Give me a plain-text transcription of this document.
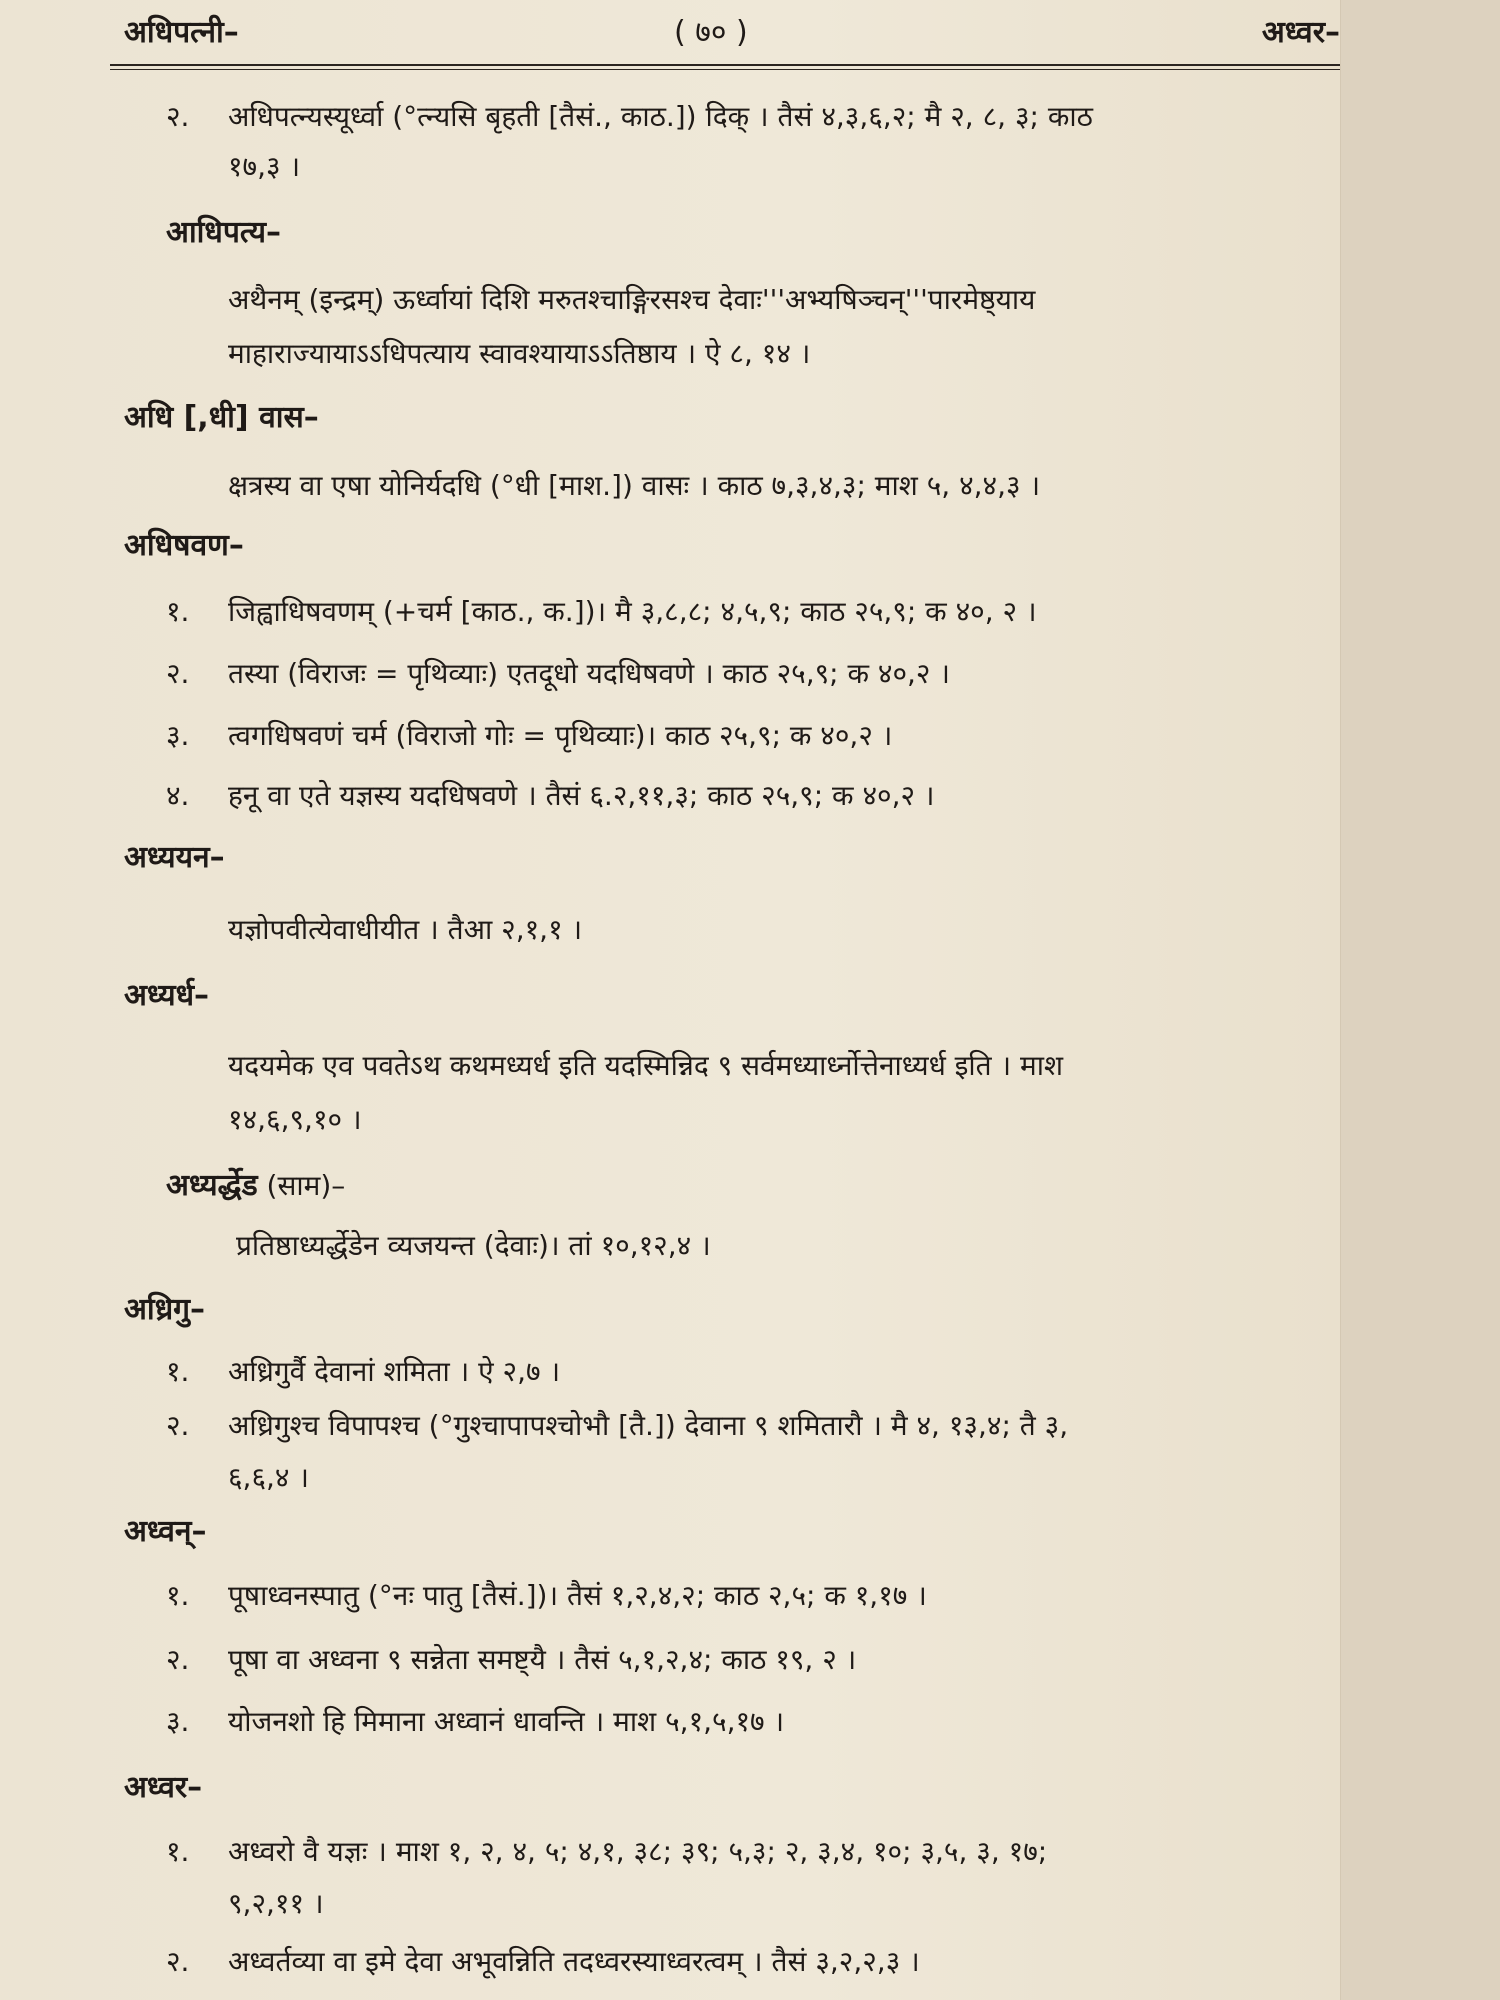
अधिपत्नी–	( ७० )	अध्वर–
२. अधिपत्न्यस्यूर्ध्वा (°त्न्यसि बृहती [तैसं., काठ.]) दिक् । तैसं ४,३,६,२; मै २, ८, ३; काठ
१७,३ ।
आधिपत्य–
अथैनम् (इन्द्रम्) ऊर्ध्वायां दिशि मरुतश्चाङ्गिरसश्च देवाः'''अभ्यषिञ्चन्'''पारमेष्ठ्याय
माहाराज्यायाऽऽधिपत्याय स्वावश्यायाऽऽतिष्ठाय । ऐ ८, १४ ।
अधि [,धी] वास–
क्षत्रस्य वा एषा योनिर्यदधि (°धी [माश.]) वासः । काठ ७,३,४,३; माश ५, ४,४,३ ।
अधिषवण–
१. जिह्वाधिषवणम् (+चर्म [काठ., क.])। मै ३,८,८; ४,५,९; काठ २५,९; क ४०, २ ।
२. तस्या (विराजः = पृथिव्याः) एतदूधो यदधिषवणे । काठ २५,९; क ४०,२ ।
३. त्वगधिषवणं चर्म (विराजो गोः = पृथिव्याः)। काठ २५,९; क ४०,२ ।
४. हनू वा एते यज्ञस्य यदधिषवणे । तैसं ६.२,११,३; काठ २५,९; क ४०,२ ।
अध्ययन–
यज्ञोपवीत्येवाधीयीत । तैआ २,१,१ ।
अध्यर्ध–
यदयमेक एव पवतेऽथ कथमध्यर्ध इति यदस्मिन्निद ९ सर्वमध्यार्ध्नोत्तेनाध्यर्ध इति । माश
१४,६,९,१० ।
अध्यर्द्धेड (साम)–
प्रतिष्ठाध्यर्द्धेडेन व्यजयन्त (देवाः)। तां १०,१२,४ ।
अध्रिगु–
१. अध्रिगुर्वै देवानां शमिता । ऐ २,७ ।
२. अध्रिगुश्च विपापश्च (°गुश्चापापश्चोभौ [तै.]) देवाना ९ शमितारौ । मै ४, १३,४; तै ३,
६,६,४ ।
अध्वन्–
१. पूषाध्वनस्पातु (°नः पातु [तैसं.])। तैसं १,२,४,२; काठ २,५; क १,१७ ।
२. पूषा वा अध्वना ९ सन्नेता समष्ट्यै । तैसं ५,१,२,४; काठ १९, २ ।
३. योजनशो हि मिमाना अध्वानं धावन्ति । माश ५,१,५,१७ ।
अध्वर–
१. अध्वरो वै यज्ञः । माश १, २, ४, ५; ४,१, ३८; ३९; ५,३; २, ३,४, १०; ३,५, ३, १७;
९,२,११ ।
२. अध्वर्तव्या वा इमे देवा अभूवन्निति तदध्वरस्याध्वरत्वम् । तैसं ३,२,२,३ ।
